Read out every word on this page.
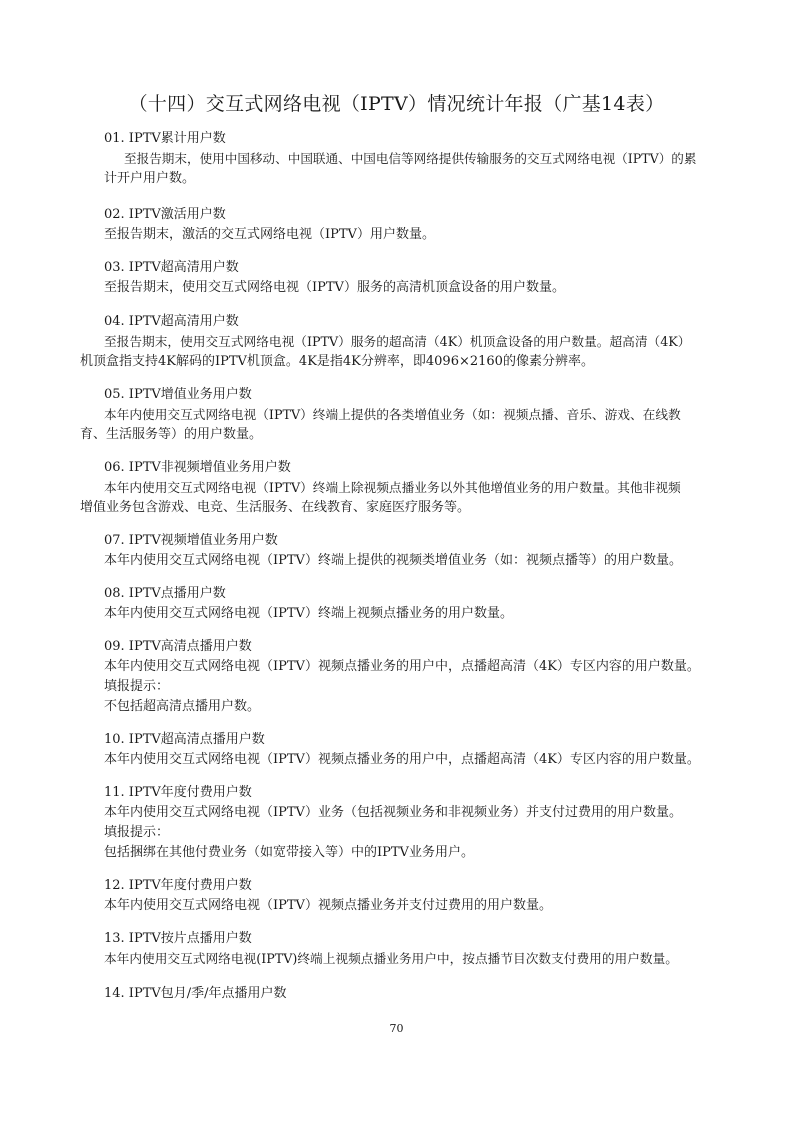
（十四）交互式网络电视（IPTV）情况统计年报（广基14表）
01. IPTV累计用户数

至报告期末，使用中国移动、中国联通、中国电信等网络提供传输服务的交互式网络电视（IPTV）的累

计开户用户数。

02. IPTV激活用户数

至报告期末，激活的交互式网络电视（IPTV）用户数量。

03. IPTV超高清用户数

至报告期末，使用交互式网络电视（IPTV）服务的高清机顶盒设备的用户数量。

04. IPTV超高清用户数

至报告期末，使用交互式网络电视（IPTV）服务的超高清（4K）机顶盒设备的用户数量。超高清（4K）

机顶盒指支持4K解码的IPTV机顶盒。4K是指4K分辨率，即4096×2160的像素分辨率。

05. IPTV增值业务用户数

本年内使用交互式网络电视（IPTV）终端上提供的各类增值业务（如：视频点播、音乐、游戏、在线教

育、生活服务等）的用户数量。

06. IPTV非视频增值业务用户数

本年内使用交互式网络电视（IPTV）终端上除视频点播业务以外其他增值业务的用户数量。其他非视频

增值业务包含游戏、电竞、生活服务、在线教育、家庭医疗服务等。

07. IPTV视频增值业务用户数

本年内使用交互式网络电视（IPTV）终端上提供的视频类增值业务（如：视频点播等）的用户数量。

08. IPTV点播用户数

本年内使用交互式网络电视（IPTV）终端上视频点播业务的用户数量。

09. IPTV高清点播用户数

本年内使用交互式网络电视（IPTV）视频点播业务的用户中，点播超高清（4K）专区内容的用户数量。

填报提示：

不包括超高清点播用户数。

10. IPTV超高清点播用户数

本年内使用交互式网络电视（IPTV）视频点播业务的用户中，点播超高清（4K）专区内容的用户数量。

11. IPTV年度付费用户数

本年内使用交互式网络电视（IPTV）业务（包括视频业务和非视频业务）并支付过费用的用户数量。

填报提示：

包括捆绑在其他付费业务（如宽带接入等）中的IPTV业务用户。

12. IPTV年度付费用户数

本年内使用交互式网络电视（IPTV）视频点播业务并支付过费用的用户数量。

13. IPTV按片点播用户数

本年内使用交互式网络电视(IPTV)终端上视频点播业务用户中，按点播节目次数支付费用的用户数量。

14. IPTV包月/季/年点播用户数
70
